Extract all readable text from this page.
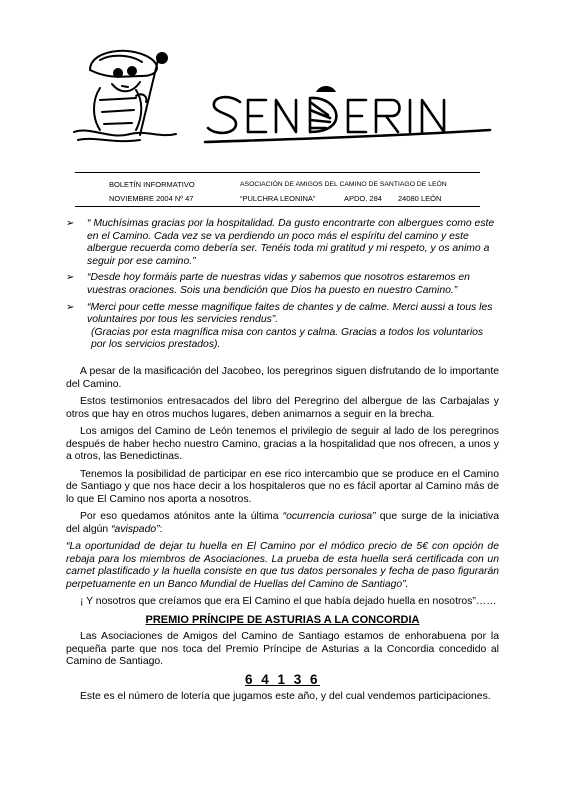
BOLETÍN INFORMATIVO
NOVIEMBRE 2004 Nº 47
ASOCIACIÓN DE AMIGOS DEL CAMINO DE SANTIAGO DE LEÓN
“PULCHRA LEONINA”	APDO. 284 24080 LEÓN
➢ “ Muchísimas gracias por la hospitalidad. Da gusto encontrarte con albergues como este en el Camino. Cada vez se va perdiendo un poco más el espíritu del camino y este albergue recuerda como debería ser. Tenéis toda mi gratitud y mi respeto, y os animo a seguir por ese camino.”
➢ “Desde hoy formáis parte de nuestras vidas y sabemos que nosotros estaremos en vuestras oraciones. Sois una bendición que Dios ha puesto en nuestro Camino.”
➢ “Merci pour cette messe magnifique faites de chantes y de calme. Merci aussi a tous les voluntaires por tous les servicies rendus”.
(Gracias por esta magnífica misa con cantos y calma. Gracias a todos los voluntarios por los servicios prestados).

A pesar de la masificación del Jacobeo, los peregrinos siguen disfrutando de lo importante del Camino.

Estos testimonios entresacados del libro del Peregrino del albergue de las Carbajalas y otros que hay en otros muchos lugares, deben animarnos a seguir en la brecha.

Los amigos del Camino de León tenemos el privilegio de seguir al lado de los peregrinos después de haber hecho nuestro Camino, gracias a la hospitalidad que nos ofrecen, a unos y a otros, las Benedictinas.

Tenemos la posibilidad de participar en ese rico intercambio que se produce en el Camino de Santiago y que nos hace decir a los hospitaleros que no es fácil aportar al Camino más de lo que El Camino nos aporta a nosotros.

Por eso quedamos atónitos ante la última “ocurrencia curiosa” que surge de la iniciativa del algún “avispado”:

“La oportunidad de dejar tu huella en El Camino por el módico precio de 5€ con opción de rebaja para los miembros de Asociaciones. La prueba de esta huella será certificada con un carnet plastificado y la huella consiste en que tus datos personales y fecha de paso figurarán perpetuamente en un Banco Mundial de Huellas del Camino de Santiago”.

¡ Y nosotros que creíamos que era El Camino el que había dejado huella en nosotros”……

PREMIO PRÍNCIPE DE ASTURIAS A LA CONCORDIA

Las Asociaciones de Amigos del Camino de Santiago estamos de enhorabuena por la pequeña parte que nos toca del Premio Príncipe de Asturias a la Concordia concedido al Camino de Santiago.

6 4 1 3 6

Este es el número de lotería que jugamos este año, y del cual vendemos participaciones.
